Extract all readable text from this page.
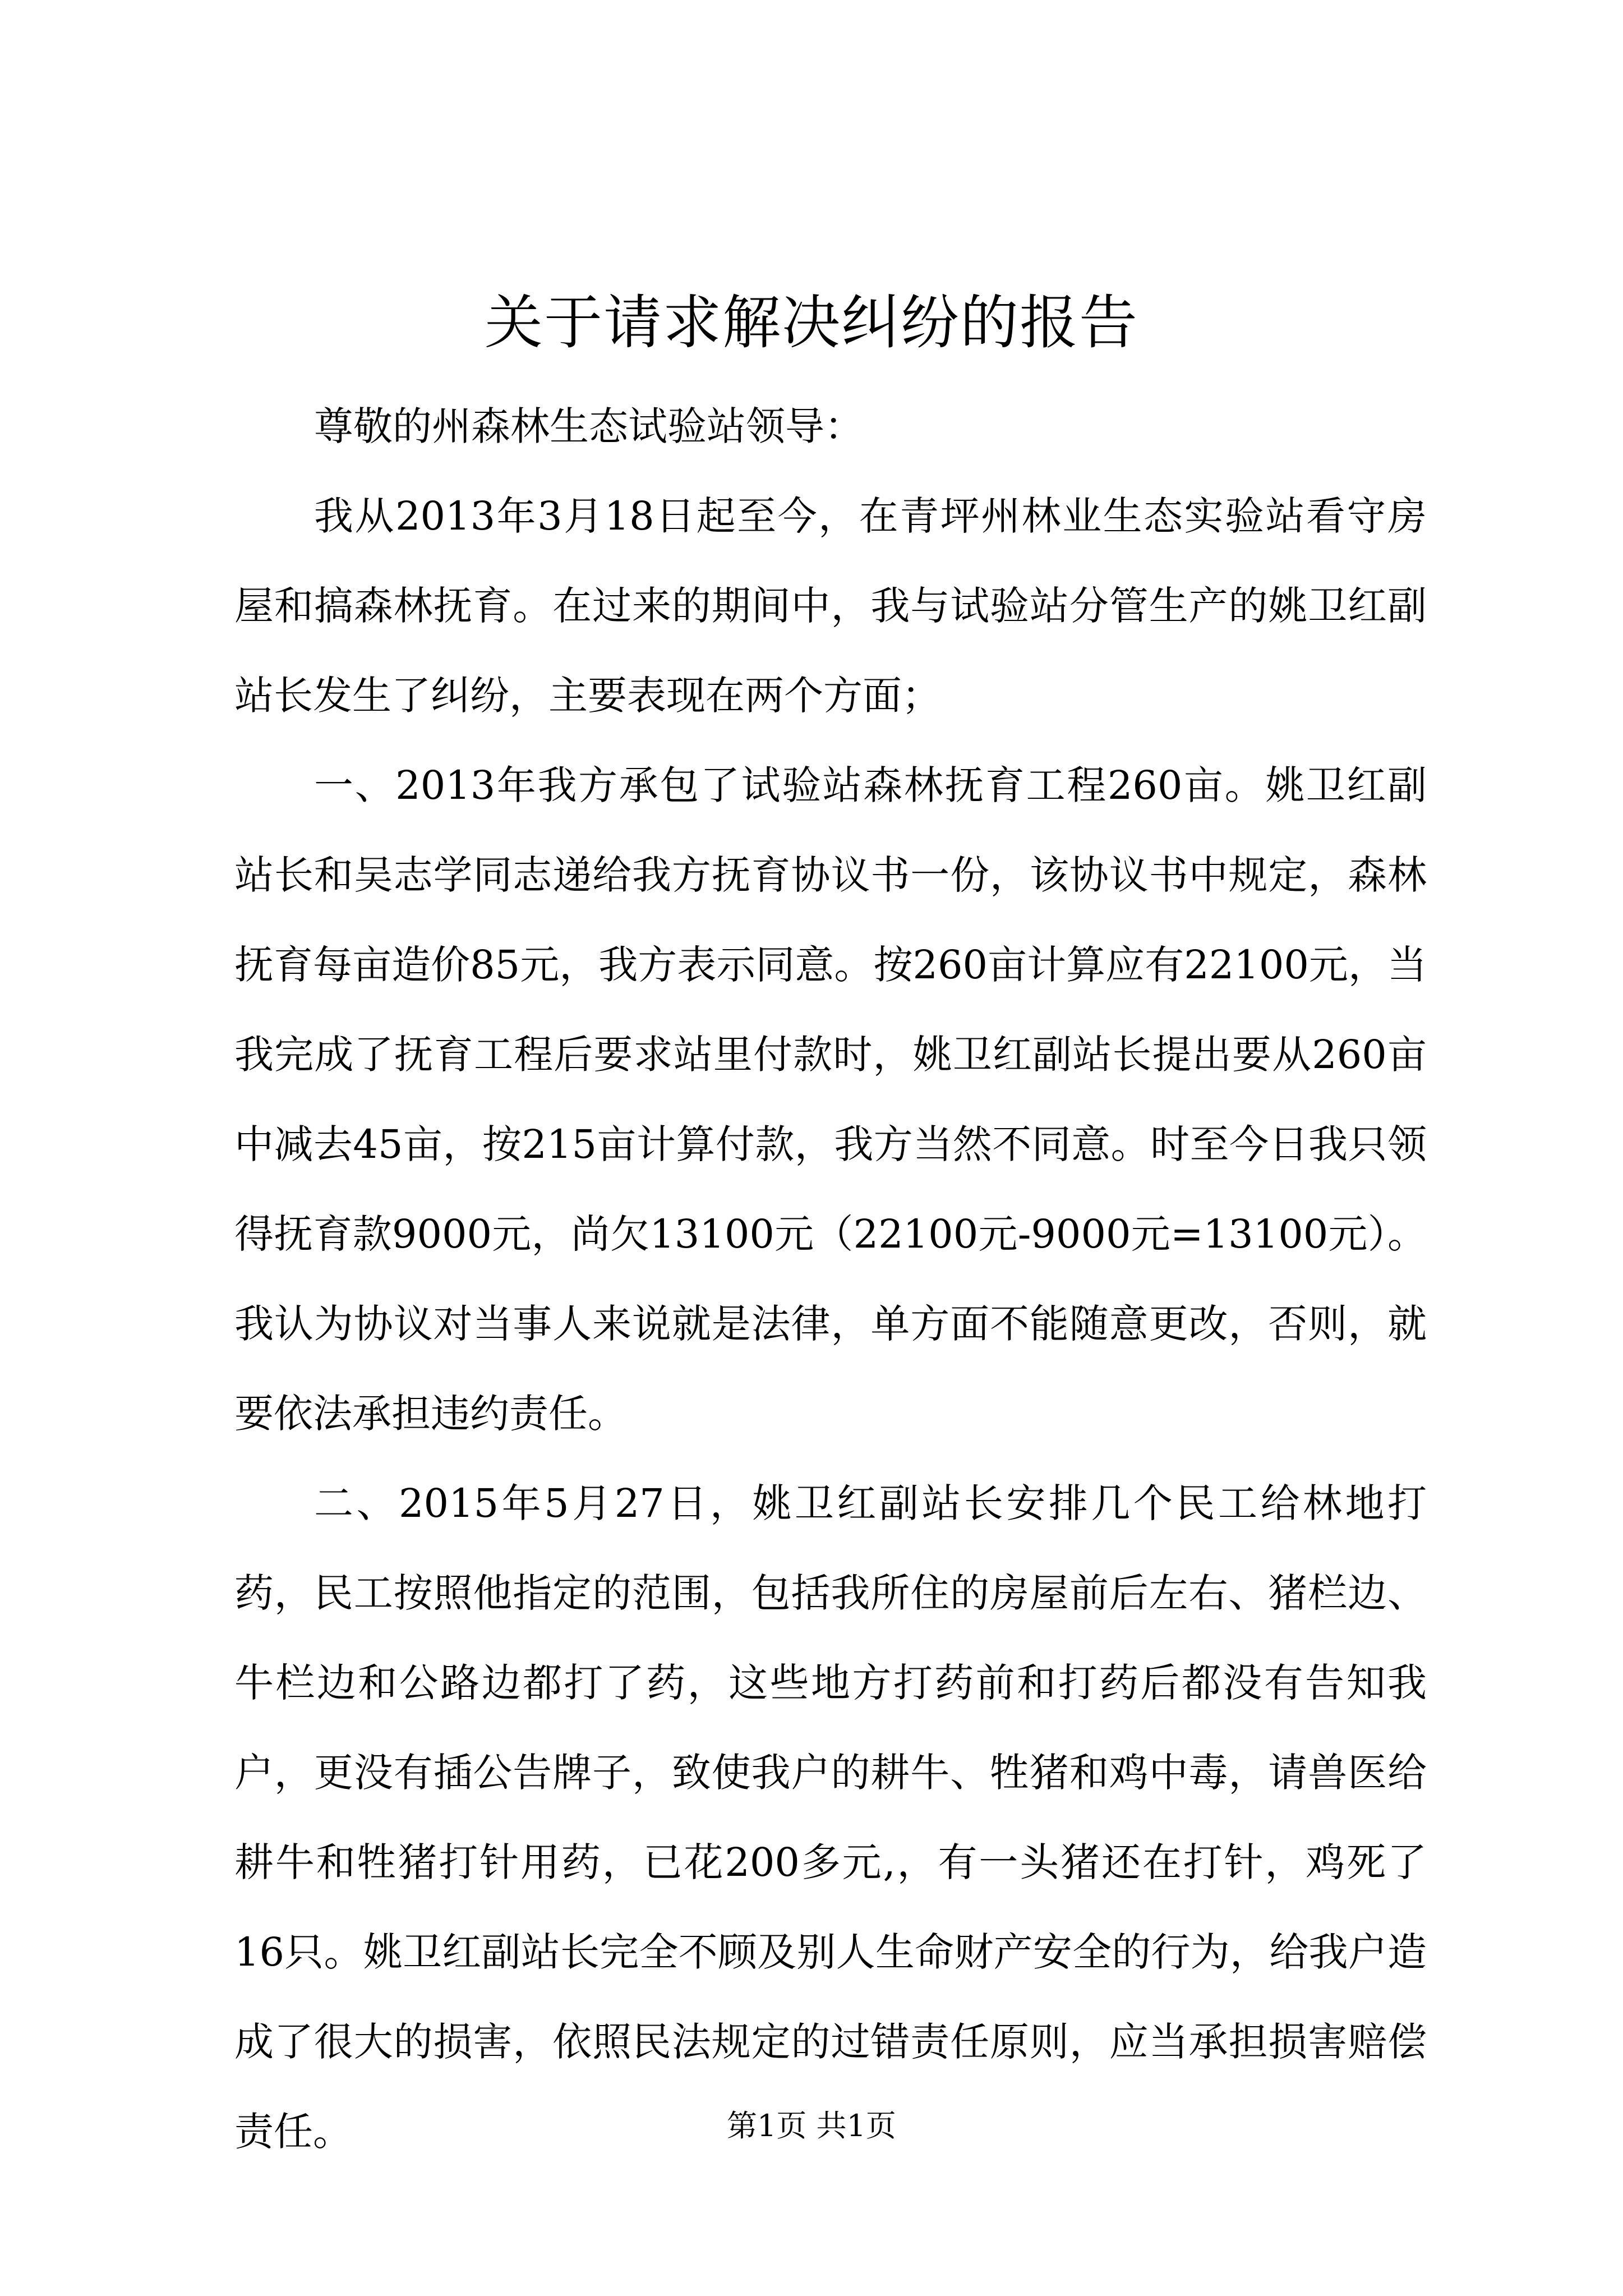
关于请求解决纠纷的报告

尊敬的州森林生态试验站领导：

我从2013年3月18日起至今，在青坪州林业生态实验站看守房屋和搞森林抚育。在过来的期间中，我与试验站分管生产的姚卫红副站长发生了纠纷，主要表现在两个方面；

一、2013年我方承包了试验站森林抚育工程260亩。姚卫红副站长和吴志学同志递给我方抚育协议书一份，该协议书中规定，森林抚育每亩造价85元，我方表示同意。按260亩计算应有22100元，当我完成了抚育工程后要求站里付款时，姚卫红副站长提出要从260亩中减去45亩，按215亩计算付款，我方当然不同意。时至今日我只领得抚育款9000元，尚欠13100元（22100元-9000元=13100元）。我认为协议对当事人来说就是法律，单方面不能随意更改，否则，就要依法承担违约责任。

二、2015年5月27日，姚卫红副站长安排几个民工给林地打药，民工按照他指定的范围，包括我所住的房屋前后左右、猪栏边、牛栏边和公路边都打了药，这些地方打药前和打药后都没有告知我户，更没有插公告牌子，致使我户的耕牛、牲猪和鸡中毒，请兽医给耕牛和牲猪打针用药，已花200多元,，有一头猪还在打针，鸡死了16只。姚卫红副站长完全不顾及别人生命财产安全的行为，给我户造成了很大的损害，依照民法规定的过错责任原则，应当承担损害赔偿责任。	第1页 共1页
